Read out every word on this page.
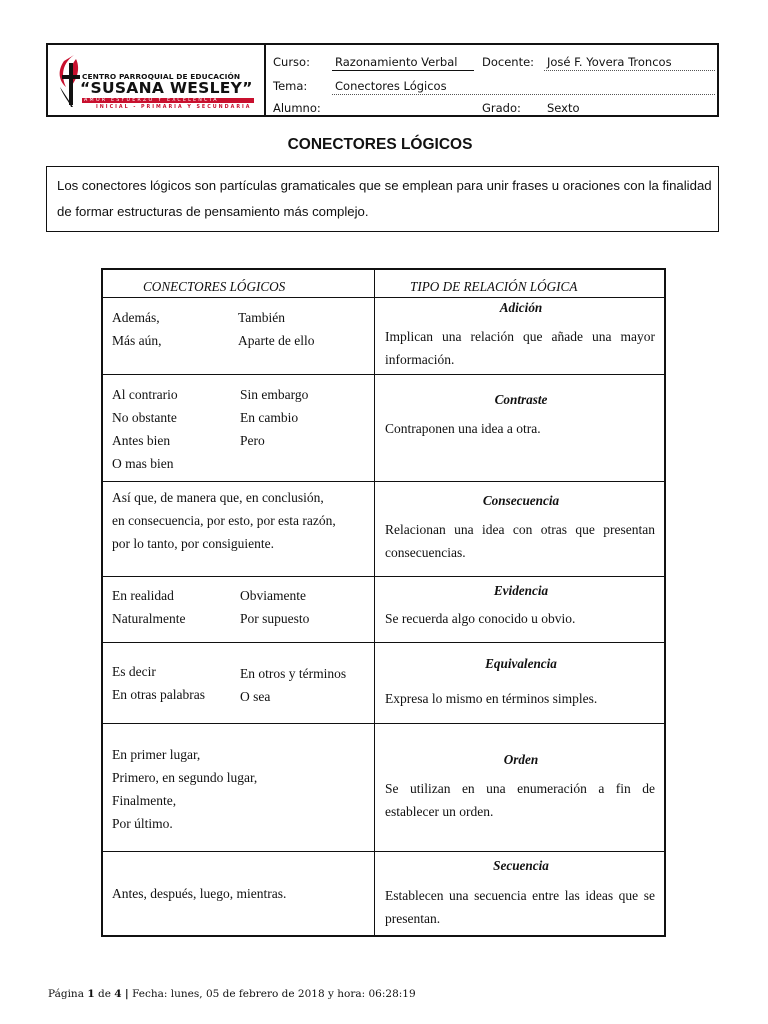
CENTRO PARROQUIAL DE EDUCACIÓN
“SUSANA WESLEY”
AMOR ESFUERZO Y EXCELENCIA
INICIAL - PRIMARIA Y SECUNDARIA
Curso: Razonamiento Verbal Docente: José F. Yovera Troncos
Tema: Conectores Lógicos
Alumno:	Grado: Sexto
CONECTORES LÓGICOS
Los conectores lógicos son partículas gramaticales que se emplean para unir frases u oraciones con la finalidad
de formar estructuras de pensamiento más complejo.
CONECTORES LÓGICOS	TIPO DE RELACIÓN LÓGICA
Además,	También
Más aún,	Aparte de ello
Adición
Implican una relación que añade una mayor información.
Al contrario	Sin embargo
No obstante	En cambio
Antes bien	Pero
O mas bien
Contraste
Contraponen una idea a otra.
Así que, de manera que, en conclusión,
en consecuencia, por esto, por esta razón,
por lo tanto, por consiguiente.
Consecuencia
Relacionan una idea con otras que presentan consecuencias.
En realidad	Obviamente
Naturalmente	Por supuesto
Evidencia
Se recuerda algo conocido u obvio.
Es decir	En otros y términos
En otras palabras	O sea
Equivalencia
Expresa lo mismo en términos simples.
En primer lugar,
Primero, en segundo lugar,
Finalmente,
Por último.
Orden
Se utilizan en una enumeración a fin de establecer un orden.
Antes, después, luego, mientras.
Secuencia
Establecen una secuencia entre las ideas que se presentan.
Página 1 de 4 | Fecha: lunes, 05 de febrero de 2018 y hora: 06:28:19
